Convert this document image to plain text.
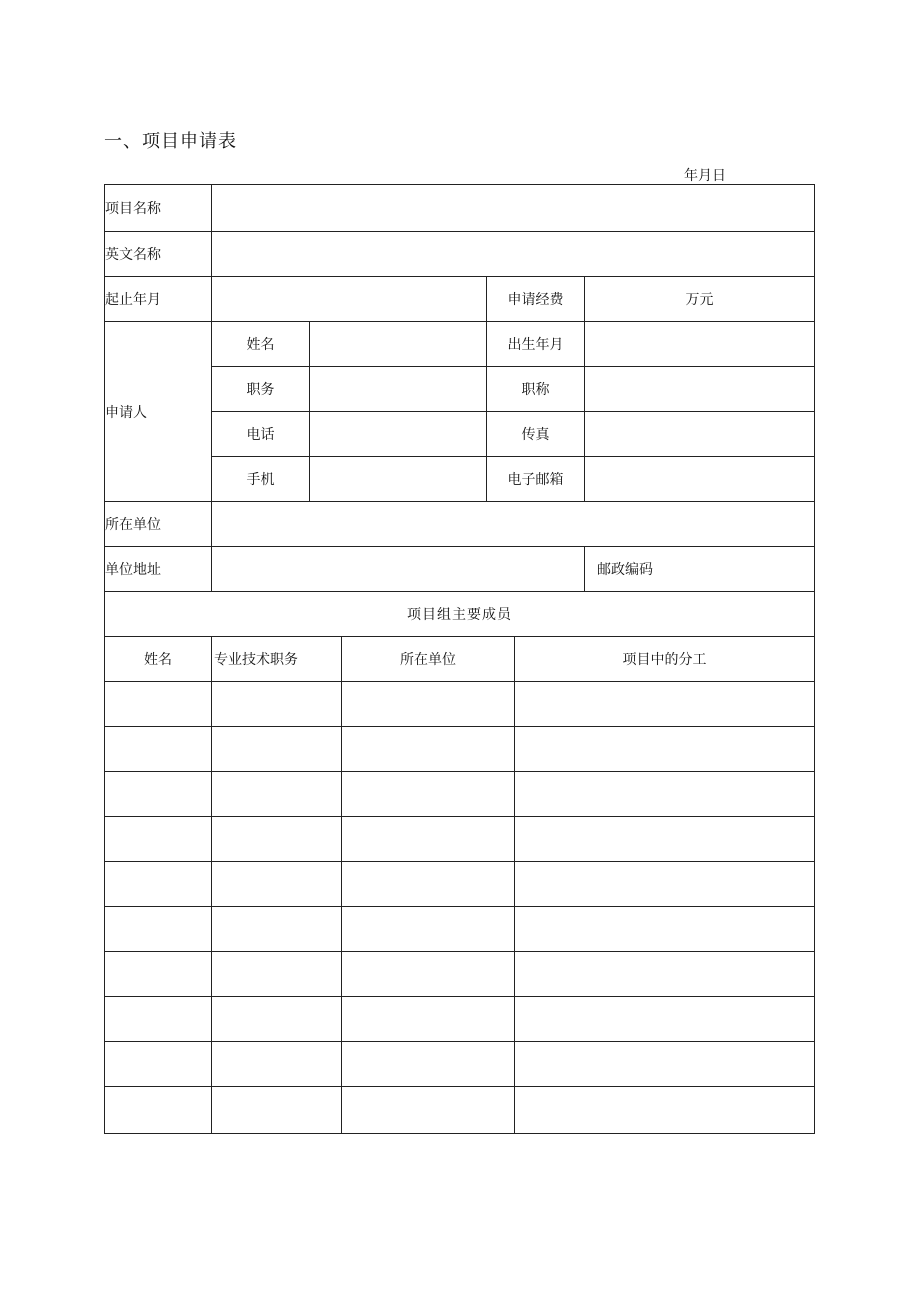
一、项目申请表
年月日
项目名称						
英文名称						
起止年月				申请经费		万元
申请人	姓名			出生年月		
	职务			职称		
	电话			传真		
	手机			电子邮箱		
所在单位						
单位地址						邮政编码
项目组主要成员						
姓名	专业技术职务		所在单位		项目中的分工	
